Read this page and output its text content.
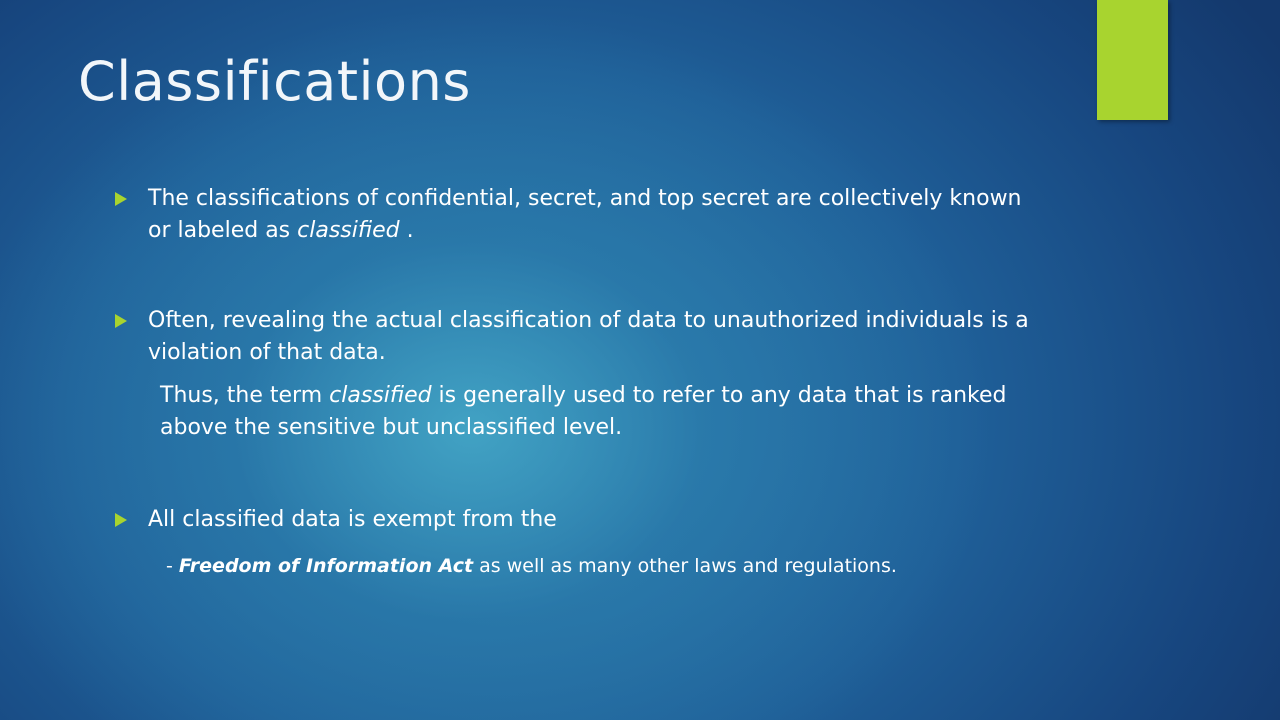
Classifications
The classifications of confidential, secret, and top secret are collectively known or labeled as classified .
Often, revealing the actual classification of data to unauthorized individuals is a violation of that data.
Thus, the term classified is generally used to refer to any data that is ranked above the sensitive but unclassified level.
All classified data is exempt from the
- Freedom of Information Act as well as many other laws and regulations.
